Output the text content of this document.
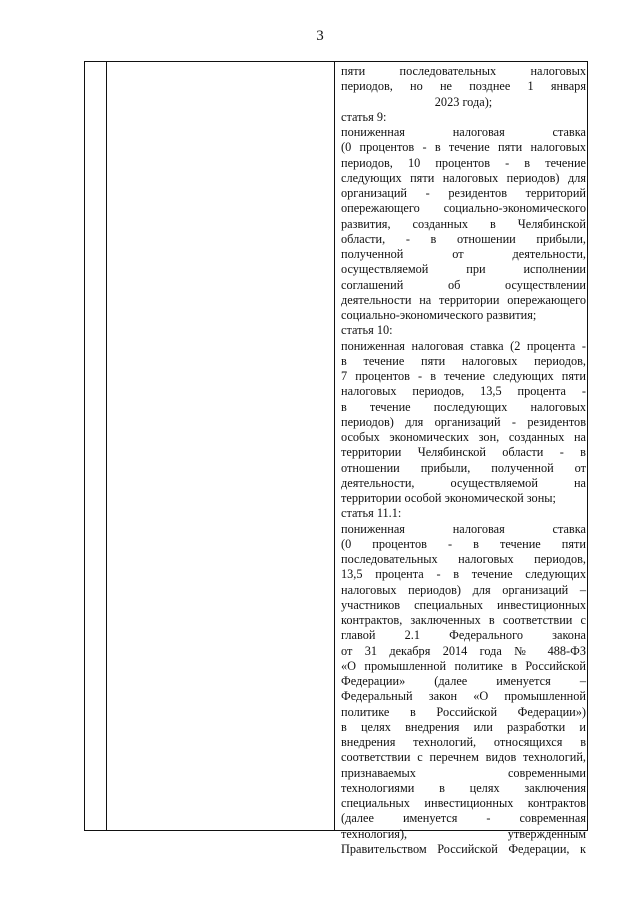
3
пяти последовательных налоговых
периодов, но не позднее 1 января
2023 года);
статья 9:
пониженная налоговая ставка
(0 процентов - в течение пяти налоговых
периодов, 10 процентов - в течение
следующих пяти налоговых периодов) для
организаций - резидентов территорий
опережающего социально-экономического
развития, созданных в Челябинской
области, - в отношении прибыли,
полученной от деятельности,
осуществляемой при исполнении
соглашений об осуществлении
деятельности на территории опережающего
социально-экономического развития;
статья 10:
пониженная налоговая ставка (2 процента -
в течение пяти налоговых периодов,
7 процентов - в течение следующих пяти
налоговых периодов, 13,5 процента -
в течение последующих налоговых
периодов) для организаций - резидентов
особых экономических зон, созданных на
территории Челябинской области - в
отношении прибыли, полученной от
деятельности, осуществляемой на
территории особой экономической зоны;
статья 11.1:
пониженная налоговая ставка
(0 процентов - в течение пяти
последовательных налоговых периодов,
13,5 процента - в течение следующих
налоговых периодов) для организаций –
участников специальных инвестиционных
контрактов, заключенных в соответствии с
главой 2.1 Федерального закона
от 31 декабря 2014 года № 488-ФЗ
«О промышленной политике в Российской
Федерации» (далее именуется –
Федеральный закон «О промышленной
политике в Российской Федерации»)
в целях внедрения или разработки и
внедрения технологий, относящихся в
соответствии с перечнем видов технологий,
признаваемых современными
технологиями в целях заключения
специальных инвестиционных контрактов
(далее именуется - современная
технология), утвержденным
Правительством Российской Федерации, к
